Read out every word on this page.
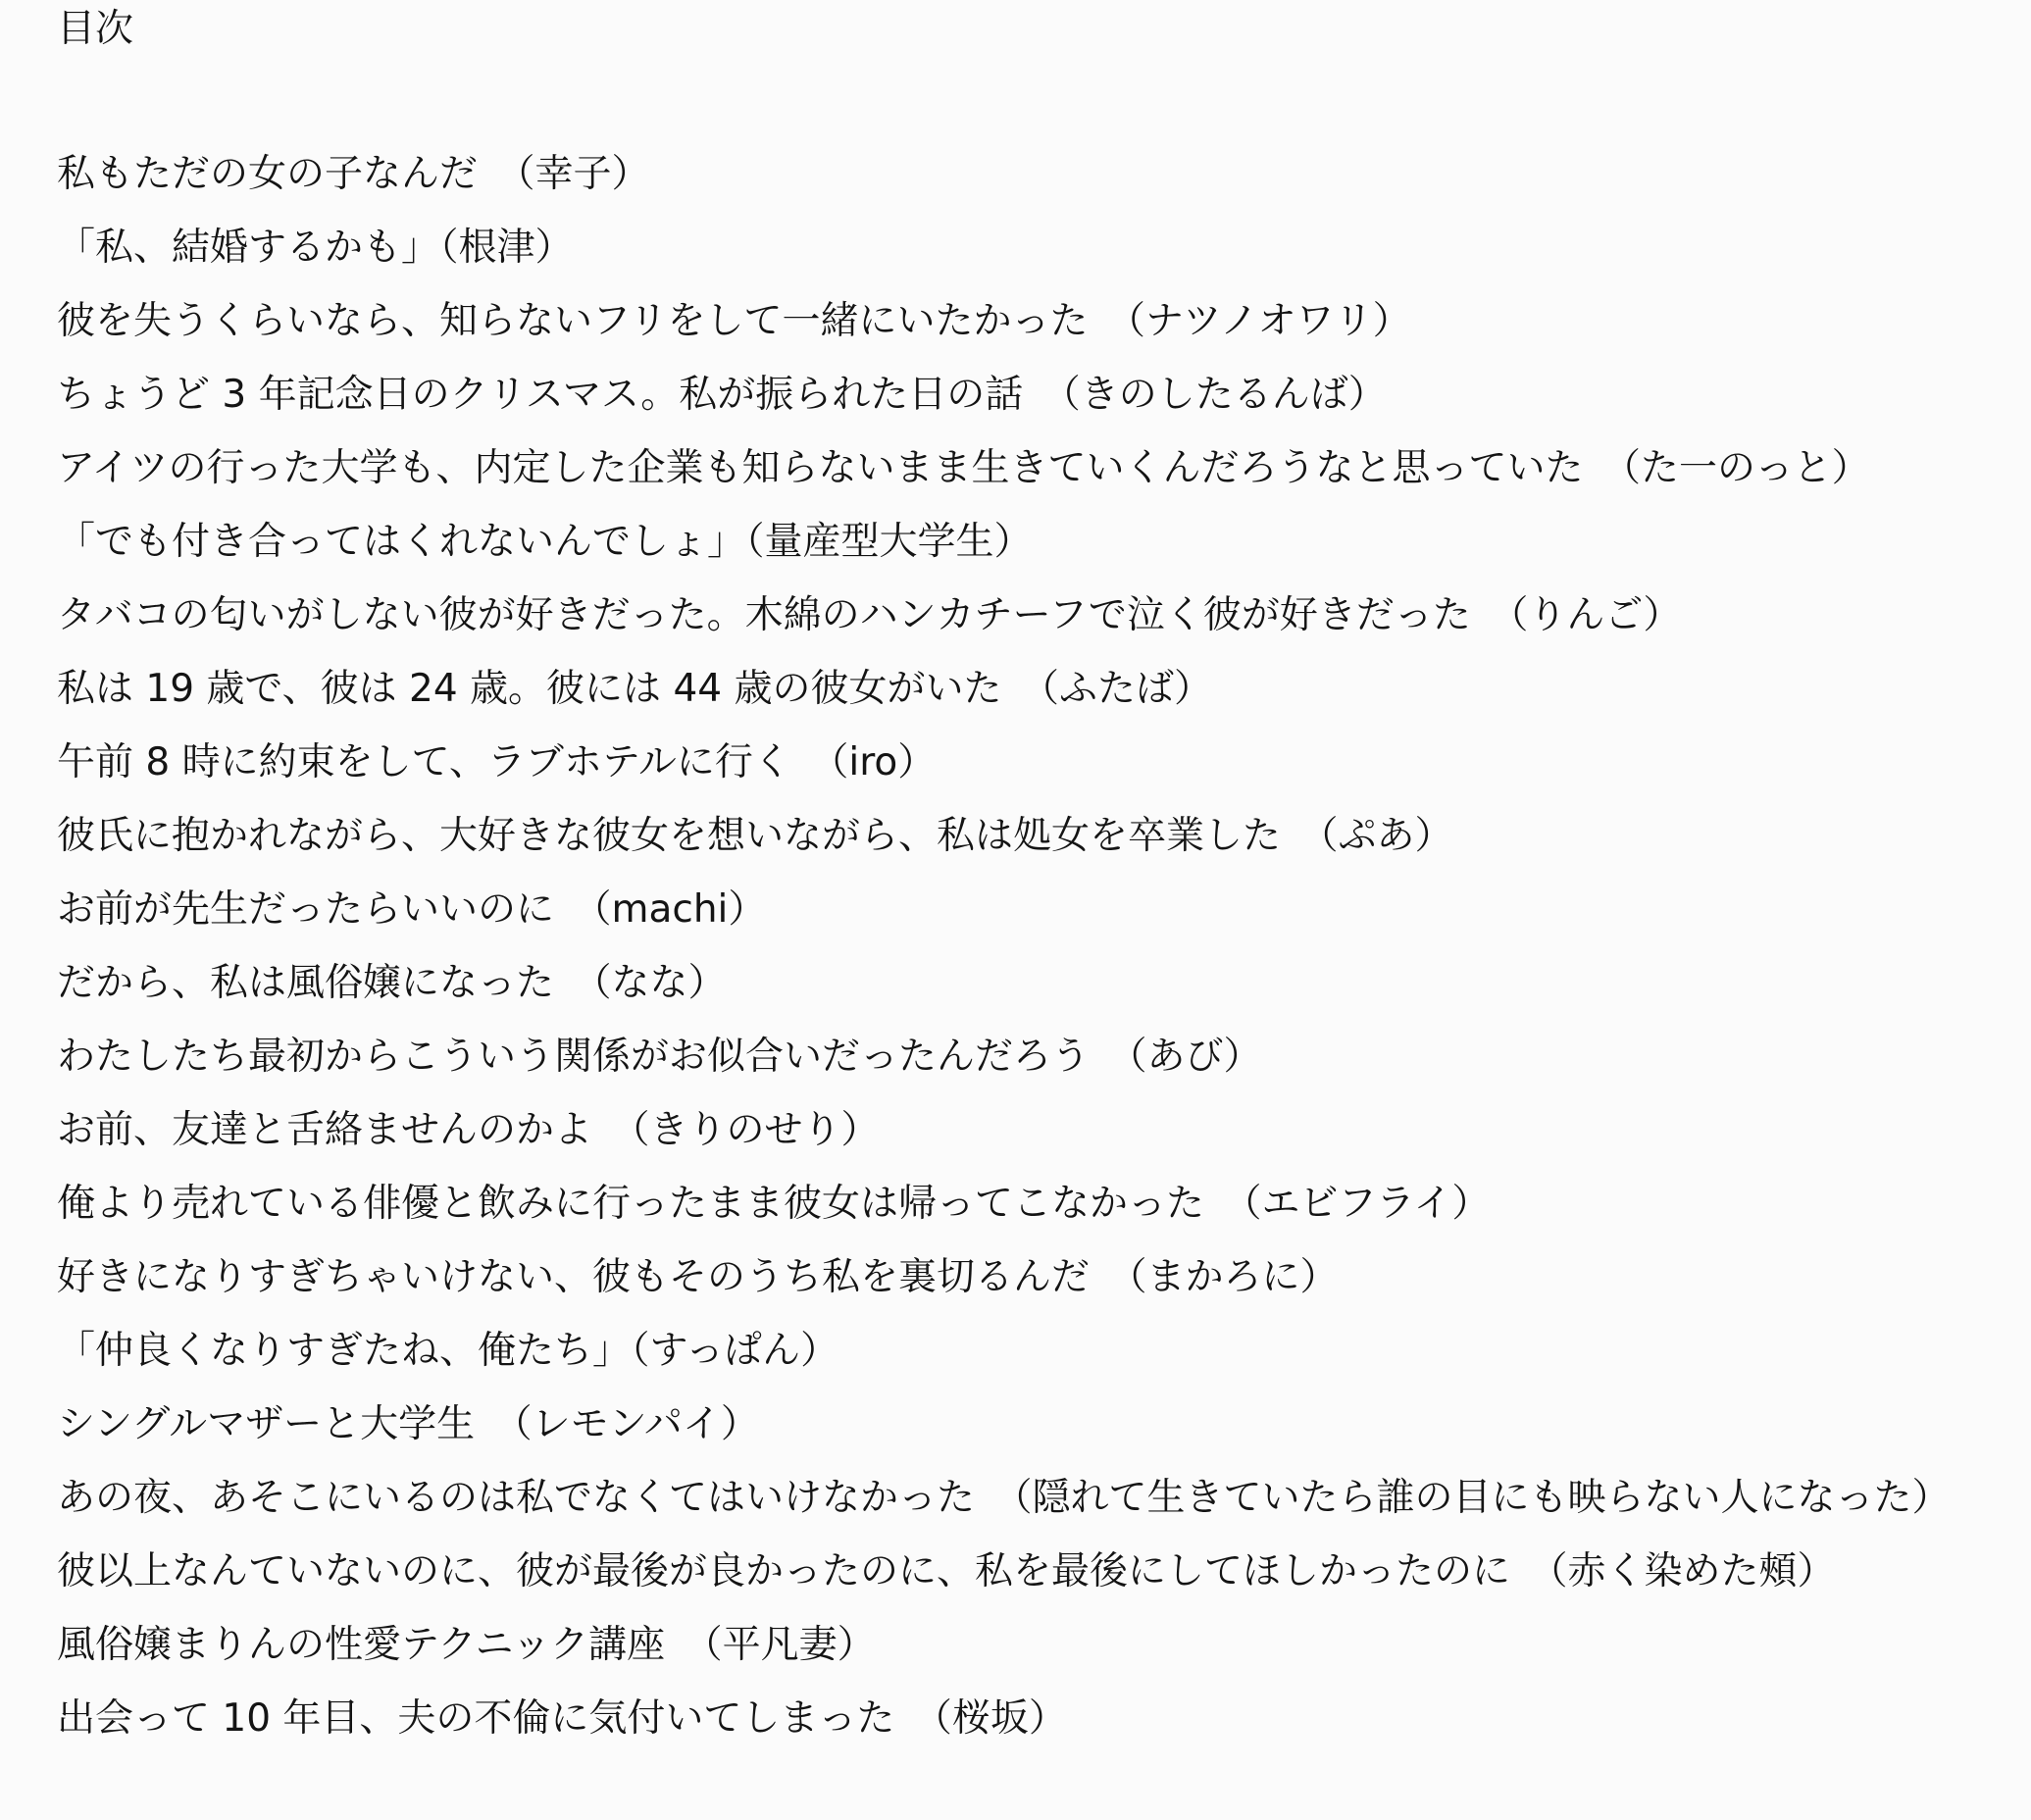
目次
私もただの女の子なんだ　（幸子）
「私、結婚するかも」（根津）
彼を失うくらいなら、知らないフリをして一緒にいたかった　（ナツノオワリ）
ちょうど 3 年記念日のクリスマス。私が振られた日の話　（きのしたるんば）
アイツの行った大学も、内定した企業も知らないまま生きていくんだろうなと思っていた　（た一のっと）
「でも付き合ってはくれないんでしょ」（量産型大学生）
タバコの匂いがしない彼が好きだった。木綿のハンカチーフで泣く彼が好きだった　（りんご）
私は 19 歳で、彼は 24 歳。彼には 44 歳の彼女がいた　（ふたば）
午前 8 時に約束をして、ラブホテルに行く　（iro）
彼氏に抱かれながら、大好きな彼女を想いながら、私は処女を卒業した　（ぷあ）
お前が先生だったらいいのに　（machi）
だから、私は風俗嬢になった　（なな）
わたしたち最初からこういう関係がお似合いだったんだろう　（あび）
お前、友達と舌絡ませんのかよ　（きりのせり）
俺より売れている俳優と飲みに行ったまま彼女は帰ってこなかった　（エビフライ）
好きになりすぎちゃいけない、彼もそのうち私を裏切るんだ　（まかろに）
「仲良くなりすぎたね、俺たち」（すっぱん）
シングルマザーと大学生　（レモンパイ）
あの夜、あそこにいるのは私でなくてはいけなかった　（隠れて生きていたら誰の目にも映らない人になった）
彼以上なんていないのに、彼が最後が良かったのに、私を最後にしてほしかったのに　（赤く染めた頰）
風俗嬢まりんの性愛テクニック講座　（平凡妻）
出会って 10 年目、夫の不倫に気付いてしまった　（桜坂）
